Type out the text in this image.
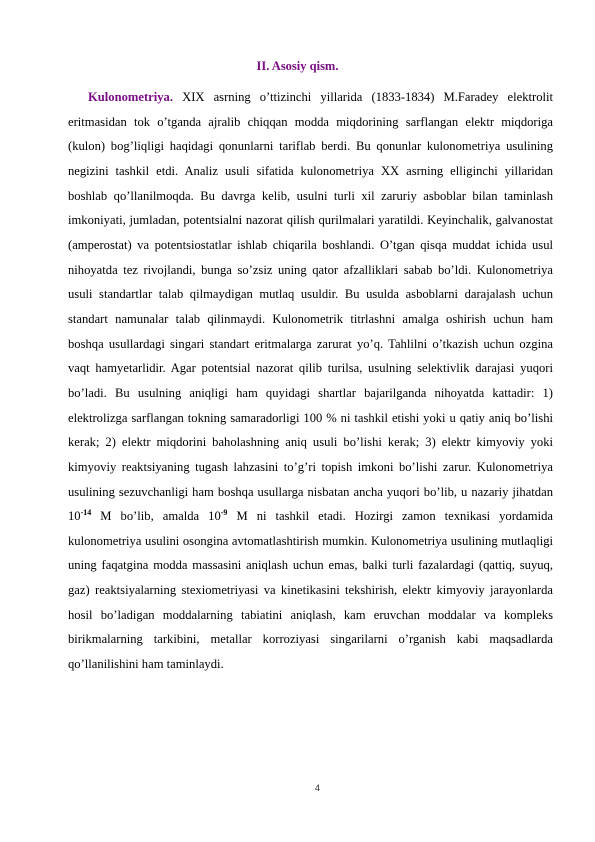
II. Asosiy qism.

Kulonometriya. XIX asrning o’ttizinchi yillarida (1833-1834) M.Faradey elektrolit eritmasidan tok o’tganda ajralib chiqqan modda miqdorining sarflangan elektr miqdoriga (kulon) bog’liqligi haqidagi qonunlarni tariflab berdi. Bu qonunlar kulonometriya usulining negizini tashkil etdi. Analiz usuli sifatida kulonometriya XX asrning elliginchi yillaridan boshlab qo’llanilmoqda. Bu davrga kelib, usulni turli xil zaruriy asboblar bilan taminlash imkoniyati, jumladan, potentsialni nazorat qilish qurilmalari yaratildi. Keyinchalik, galvanostat (amperostat) va potentsiostatlar ishlab chiqarila boshlandi. O’tgan qisqa muddat ichida usul nihoyatda tez rivojlandi, bunga so’zsiz uning qator afzalliklari sabab bo’ldi. Kulonometriya usuli standartlar talab qilmaydigan mutlaq usuldir. Bu usulda asboblarni darajalash uchun standart namunalar talab qilinmaydi. Kulonometrik titrlashni amalga oshirish uchun ham boshqa usullardagi singari standart eritmalarga zarurat yo’q. Tahlilni o’tkazish uchun ozgina vaqt hamyetarlidir. Agar potentsial nazorat qilib turilsa, usulning selektivlik darajasi yuqori bo’ladi. Bu usulning aniqligi ham quyidagi shartlar bajarilganda nihoyatda kattadir: 1) elektrolizga sarflangan tokning samaradorligi 100 % ni tashkil etishi yoki u qatiy aniq bo’lishi kerak; 2) elektr miqdorini baholashning aniq usuli bo’lishi kerak; 3) elektr kimyoviy yoki kimyoviy reaktsiyaning tugash lahzasini to’g’ri topish imkoni bo’lishi zarur. Kulonometriya usulining sezuvchanligi ham boshqa usullarga nisbatan ancha yuqori bo’lib, u nazariy jihatdan $10^{-14}$ M bo’lib, amalda $10^{-9}$ M ni tashkil etadi. Hozirgi zamon texnikasi yordamida kulonometriya usulini osongina avtomatlashtirish mumkin. Kulonometriya usulining mutlaqligi uning faqatgina modda massasini aniqlash uchun emas, balki turli fazalardagi (qattiq, suyuq, gaz) reaktsiyalarning stexiometriyasi va kinetikasini tekshirish, elektr kimyoviy jarayonlarda hosil bo’ladigan moddalarning tabiatini aniqlash, kam eruvchan moddalar va kompleks birikmalarning tarkibini, metallar korroziyasi singarilarni o’rganish kabi maqsadlarda qo’llanilishini ham taminlaydi.

4
